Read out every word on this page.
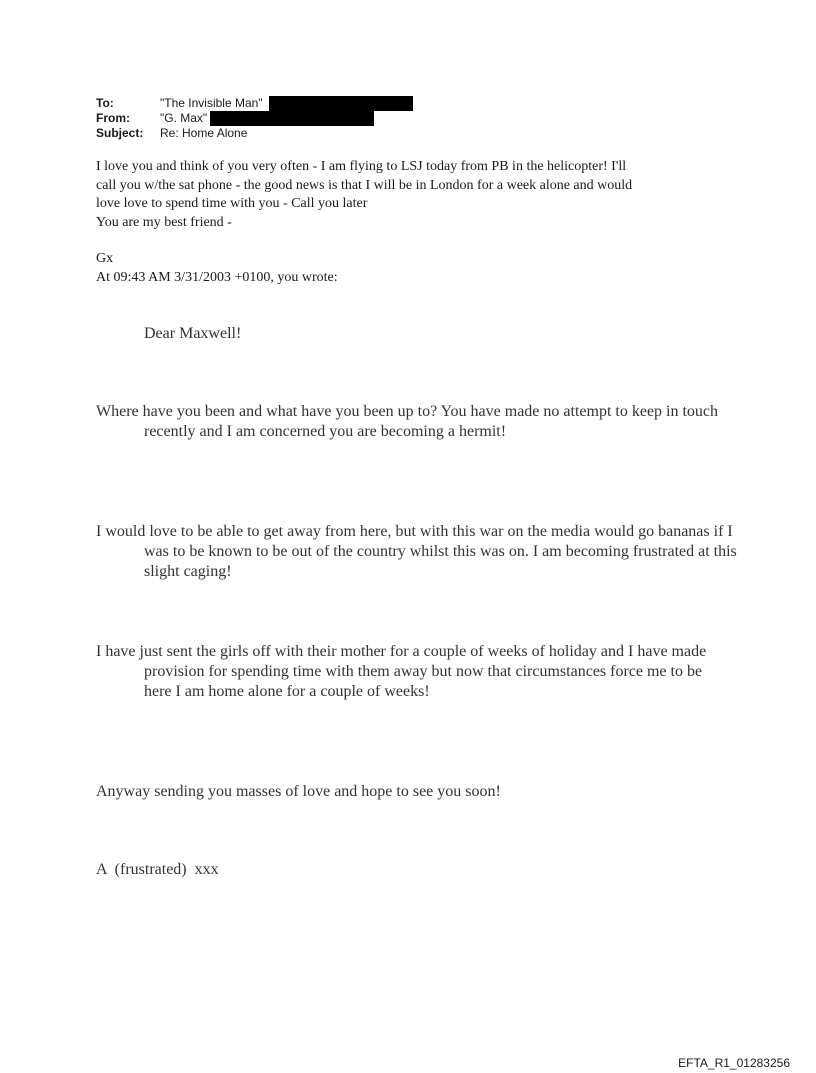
To:	"The Invisible Man"
From:	"G. Max"
Subject:	Re: Home Alone

I love you and think of you very often - I am flying to LSJ today from PB in the helicopter! I'll

call you w/the sat phone - the good news is that I will be in London for a week alone and would

love love to spend time with you - Call you later

You are my best friend -

Gx

At 09:43 AM 3/31/2003 +0100, you wrote:

Dear Maxwell!

Where have you been and what have you been up to? You have made no attempt to keep in touch recently and I am concerned you are becoming a hermit!

I would love to be able to get away from here, but with this war on the media would go bananas if I was to be known to be out of the country whilst this was on. I am becoming frustrated at this slight caging!

I have just sent the girls off with their mother for a couple of weeks of holiday and I have made provision for spending time with them away but now that circumstances force me to be here I am home alone for a couple of weeks!

Anyway sending you masses of love and hope to see you soon!

A  (frustrated)  xxx

EFTA_R1_01283256
